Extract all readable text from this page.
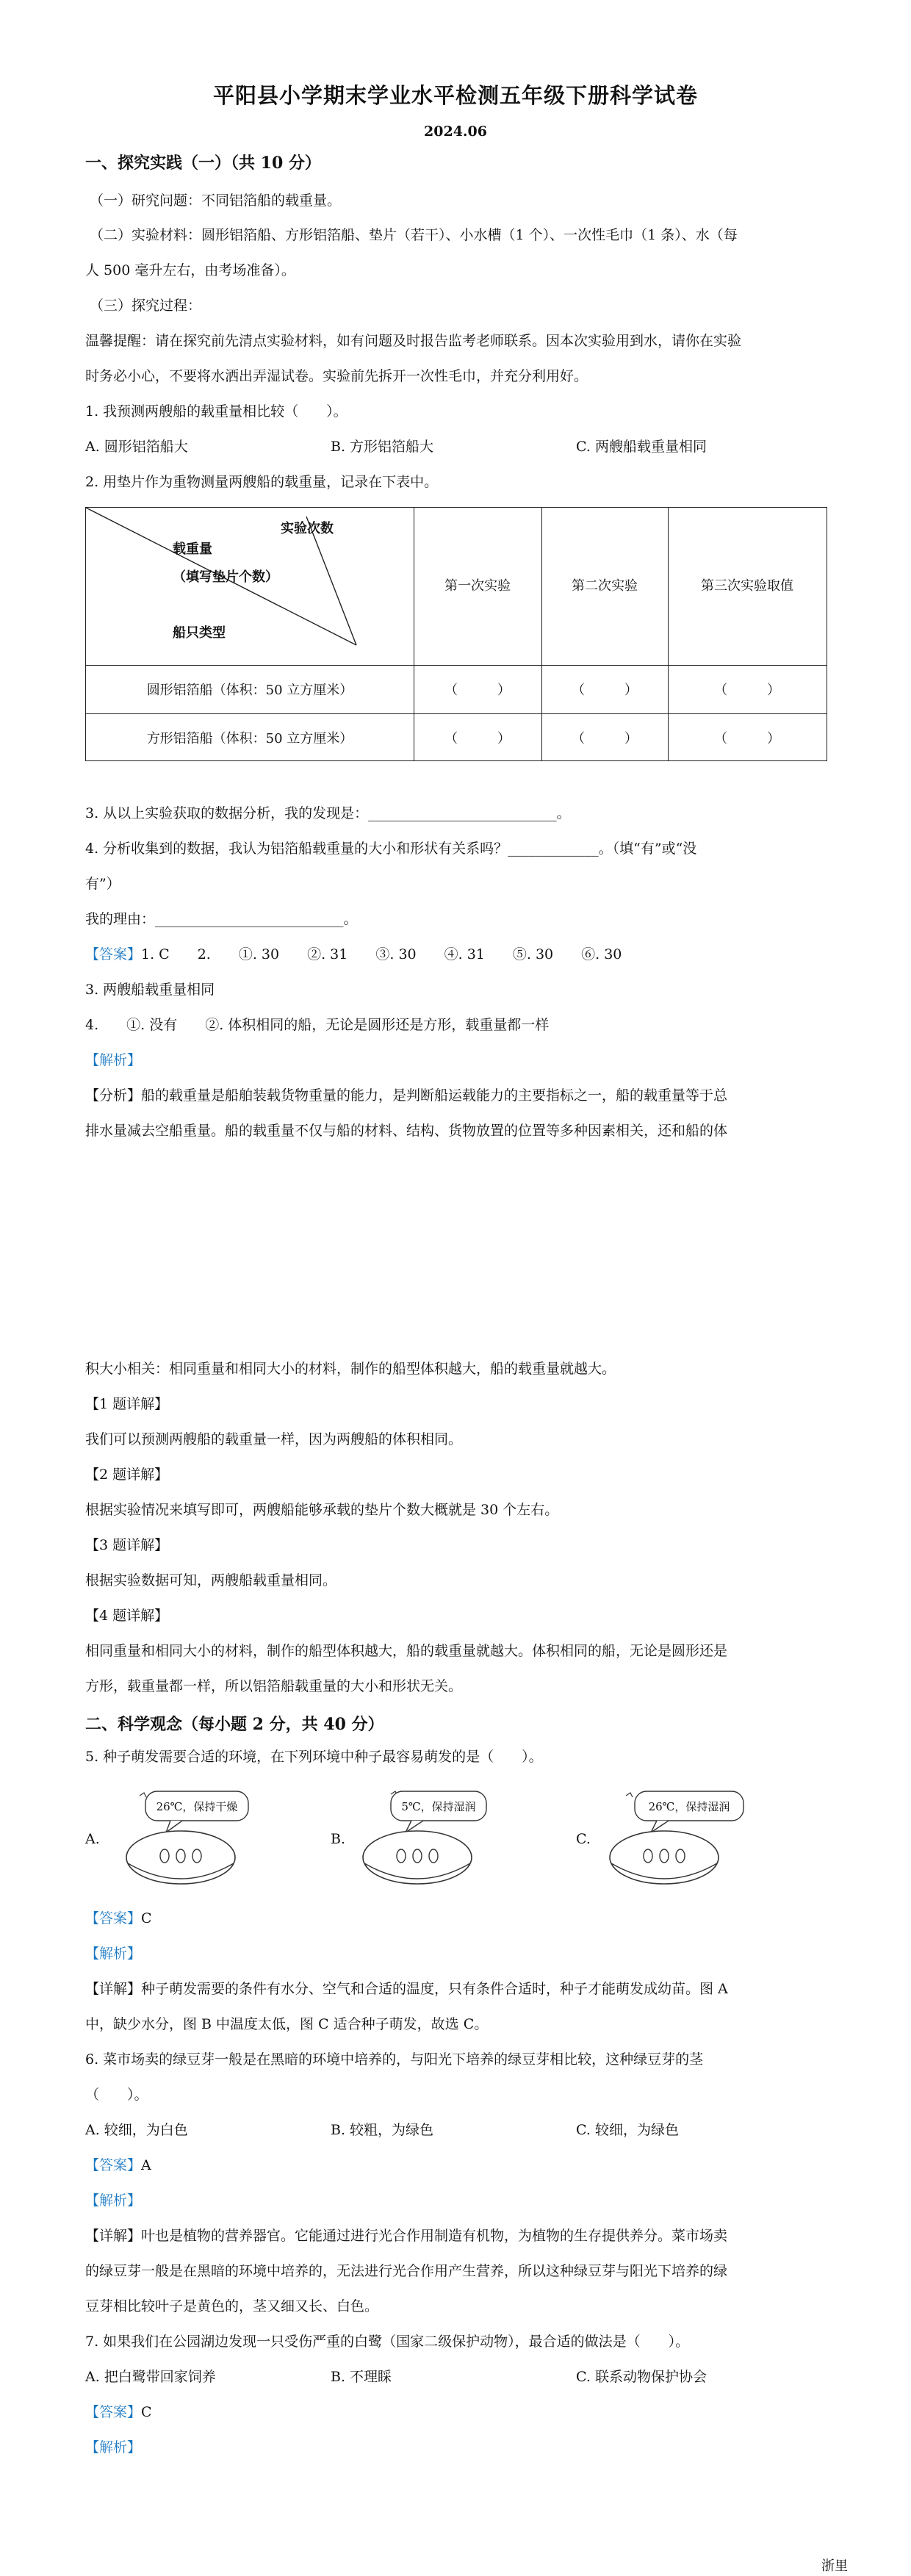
平阳县小学期末学业水平检测五年级下册科学试卷
2024.06
一、探究实践（一）（共 10 分）
（一）研究问题：不同铝箔船的载重量。
（二）实验材料：圆形铝箔船、方形铝箔船、垫片（若干）、小水槽（1 个）、一次性毛巾（1 条）、水（每
人 500 毫升左右，由考场准备）。
（三）探究过程：
温馨提醒：请在探究前先清点实验材料，如有问题及时报告监考老师联系。因本次实验用到水，请你在实验
时务必小心，不要将水洒出弄湿试卷。实验前先拆开一次性毛巾，并充分利用好。
1. 我预测两艘船的载重量相比较（　　）。
A. 圆形铝箔船大	B. 方形铝箔船大	C. 两艘船载重量相同
2. 用垫片作为重物测量两艘船的载重量，记录在下表中。
实验次数
载重量
（填写垫片个数）
船只类型
第一次实验	第二次实验	第三次实验取值
圆形铝箔船（体积：50 立方厘米）	（　　　）	（　　　）	（　　　）
方形铝箔船（体积：50 立方厘米）	（　　　）	（　　　）	（　　　）
3. 从以上实验获取的数据分析，我的发现是：___________________________。
4. 分析收集到的数据，我认为铝箔船载重量的大小和形状有关系吗？_____________。（填“有”或“没
有”）
我的理由：___________________________。
【答案】1. C　　2.　　①. 30　　②. 31　　③. 30　　④. 31　　⑤. 30　　⑥. 30
3. 两艘船载重量相同
4.　　①. 没有　　②. 体积相同的船，无论是圆形还是方形，载重量都一样
【解析】
【分析】船的载重量是船舶装载货物重量的能力，是判断船运载能力的主要指标之一，船的载重量等于总
排水量减去空船重量。船的载重量不仅与船的材料、结构、货物放置的位置等多种因素相关，还和船的体
积大小相关：相同重量和相同大小的材料，制作的船型体积越大，船的载重量就越大。
【1 题详解】
我们可以预测两艘船的载重量一样，因为两艘船的体积相同。
【2 题详解】
根据实验情况来填写即可，两艘船能够承载的垫片个数大概就是 30 个左右。
【3 题详解】
根据实验数据可知，两艘船载重量相同。
【4 题详解】
相同重量和相同大小的材料，制作的船型体积越大，船的载重量就越大。体积相同的船，无论是圆形还是
方形，载重量都一样，所以铝箔船载重量的大小和形状无关。
二、科学观念（每小题 2 分，共 40 分）
5. 种子萌发需要合适的环境，在下列环境中种子最容易萌发的是（　　）。
A.
26℃，保持干燥
B.
5℃，保持湿润
C.
26℃，保持湿润
【答案】C
【解析】
【详解】种子萌发需要的条件有水分、空气和合适的温度，只有条件合适时，种子才能萌发成幼苗。图 A
中，缺少水分，图 B 中温度太低，图 C 适合种子萌发，故选 C。
6. 菜市场卖的绿豆芽一般是在黑暗的环境中培养的，与阳光下培养的绿豆芽相比较，这种绿豆芽的茎
（　　）。
A. 较细，为白色	B. 较粗，为绿色	C. 较细，为绿色
【答案】A
【解析】
【详解】叶也是植物的营养器官。它能通过进行光合作用制造有机物，为植物的生存提供养分。菜市场卖
的绿豆芽一般是在黑暗的环境中培养的，无法进行光合作用产生营养，所以这种绿豆芽与阳光下培养的绿
豆芽相比较叶子是黄色的，茎又细又长、白色。
7. 如果我们在公园湖边发现一只受伤严重的白鹭（国家二级保护动物），最合适的做法是（　　）。
A. 把白鹭带回家饲养	B. 不理睬	C. 联系动物保护协会
【答案】C
【解析】
浙里
